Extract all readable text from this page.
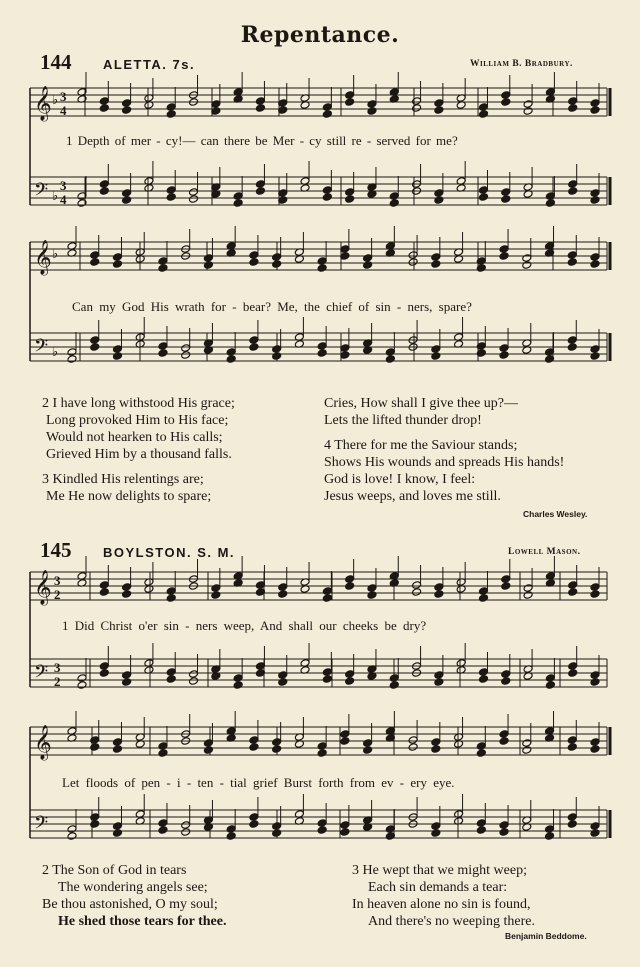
𝄞
𝄢
♭
♭
3
4
3
4
𝄞
𝄢
♭
♭
𝄞
𝄢
3
2
3
2
𝄞
𝄢
Repentance.
144 ALETTA. 7s.	William B. Bradbury.
1 Depth of mer - cy!— can there be Mer - cy still re - served for me?
Can my God His wrath for - bear? Me, the chief of sin - ners, spare?
2 I have long withstood His grace;
Long provoked Him to His face;
Would not hearken to His calls;
Grieved Him by a thousand falls.
3 Kindled His relentings are;
Me He now delights to spare;
Cries, How shall I give thee up?—
Lets the lifted thunder drop!
4 There for me the Saviour stands;
Shows His wounds and spreads His hands!
God is love! I know, I feel:
Jesus weeps, and loves me still.
Charles Wesley.
145 BOYLSTON. S. M.	Lowell Mason.
1 Did Christ o'er sin - ners weep, And shall our cheeks be dry?
Let floods of pen - i - ten - tial grief Burst forth from ev - ery eye.
2 The Son of God in tears
The wondering angels see;
Be thou astonished, O my soul;
He shed those tears for thee.
3 He wept that we might weep;
Each sin demands a tear:
In heaven alone no sin is found,
And there's no weeping there.
Benjamin Beddome.
